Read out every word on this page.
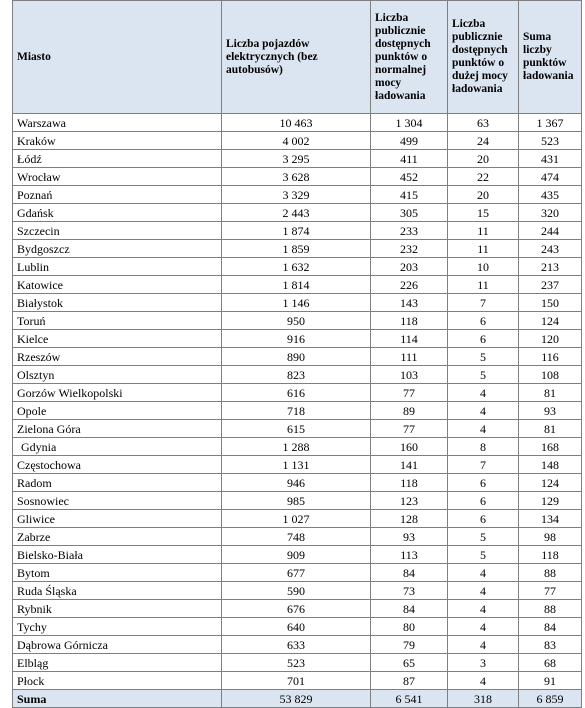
Miasto	Liczba pojazdów elektrycznych (bez autobusów)	Liczba publicznie dostępnych punktów o normalnej mocy ładowania	Liczba publicznie dostępnych punktów o dużej mocy ładowania	Suma liczby punktów ładowania
Warszawa	10 463	1 304	63	1 367
Kraków	4 002	499	24	523
Łódź	3 295	411	20	431
Wrocław	3 628	452	22	474
Poznań	3 329	415	20	435
Gdańsk	2 443	305	15	320
Szczecin	1 874	233	11	244
Bydgoszcz	1 859	232	11	243
Lublin	1 632	203	10	213
Katowice	1 814	226	11	237
Białystok	1 146	143	7	150
Toruń	950	118	6	124
Kielce	916	114	6	120
Rzeszów	890	111	5	116
Olsztyn	823	103	5	108
Gorzów Wielkopolski	616	77	4	81
Opole	718	89	4	93
Zielona Góra	615	77	4	81
Gdynia	1 288	160	8	168
Częstochowa	1 131	141	7	148
Radom	946	118	6	124
Sosnowiec	985	123	6	129
Gliwice	1 027	128	6	134
Zabrze	748	93	5	98
Bielsko-Biała	909	113	5	118
Bytom	677	84	4	88
Ruda Śląska	590	73	4	77
Rybnik	676	84	4	88
Tychy	640	80	4	84
Dąbrowa Górnicza	633	79	4	83
Elbląg	523	65	3	68
Płock	701	87	4	91
Suma	53 829	6 541	318	6 859
